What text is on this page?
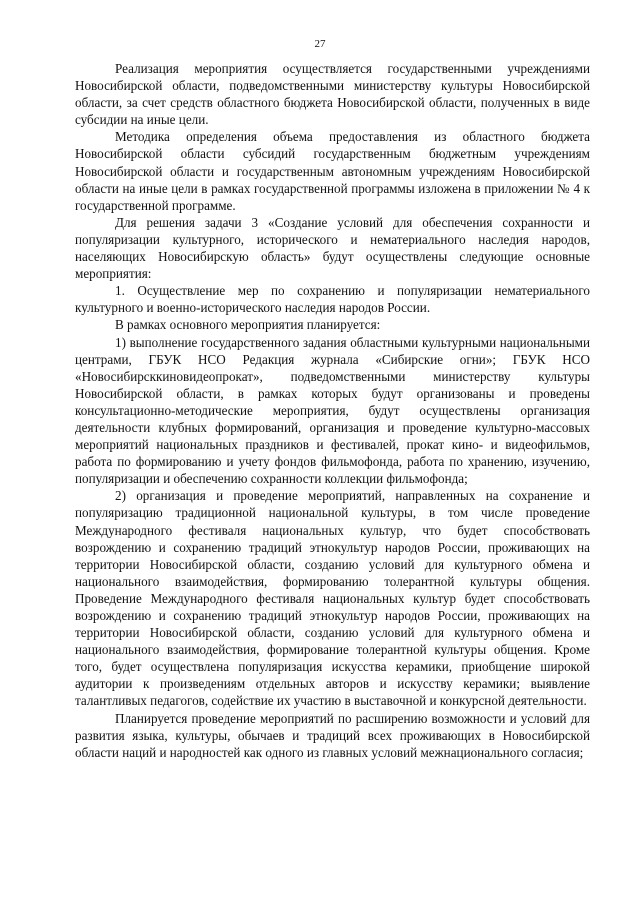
27

Реализация мероприятия осуществляется государственными учреждениями Новосибирской области, подведомственными министерству культуры Новосибирской области, за счет средств областного бюджета Новосибирской области, полученных в виде субсидии на иные цели.

Методика определения объема предоставления из областного бюджета Новосибирской области субсидий государственным бюджетным учреждениям Новосибирской области и государственным автономным учреждениям Новосибирской области на иные цели в рамках государственной программы изложена в приложении № 4 к государственной программе.

Для решения задачи 3 «Создание условий для обеспечения сохранности и популяризации культурного, исторического и нематериального наследия народов, населяющих Новосибирскую область» будут осуществлены следующие основные мероприятия:

1. Осуществление мер по сохранению и популяризации нематериального культурного и военно-исторического наследия народов России.

В рамках основного мероприятия планируется:

1) выполнение государственного задания областными культурными национальными центрами, ГБУК НСО Редакция журнала «Сибирские огни»; ГБУК НСО «Новосибирсккиновидеопрокат», подведомственными министерству культуры Новосибирской области, в рамках которых будут организованы и проведены консультационно-методические мероприятия, будут осуществлены организация деятельности клубных формирований, организация и проведение культурно-массовых мероприятий национальных праздников и фестивалей, прокат кино- и видеофильмов, работа по формированию и учету фондов фильмофонда, работа по хранению, изучению, популяризации и обеспечению сохранности коллекции фильмофонда;

2) организация и проведение мероприятий, направленных на сохранение и популяризацию традиционной национальной культуры, в том числе проведение Международного фестиваля национальных культур, что будет способствовать возрождению и сохранению традиций этнокультур народов России, проживающих на территории Новосибирской области, созданию условий для культурного обмена и национального взаимодействия, формированию толерантной культуры общения. Проведение Международного фестиваля национальных культур будет способствовать возрождению и сохранению традиций этнокультур народов России, проживающих на территории Новосибирской области, созданию условий для культурного обмена и национального взаимодействия, формирование толерантной культуры общения. Кроме того, будет осуществлена популяризация искусства керамики, приобщение широкой аудитории к произведениям отдельных авторов и искусству керамики; выявление талантливых педагогов, содействие их участию в выставочной и конкурсной деятельности.

Планируется проведение мероприятий по расширению возможности и условий для развития языка, культуры, обычаев и традиций всех проживающих в Новосибирской области наций и народностей как одного из главных условий межнационального согласия;
